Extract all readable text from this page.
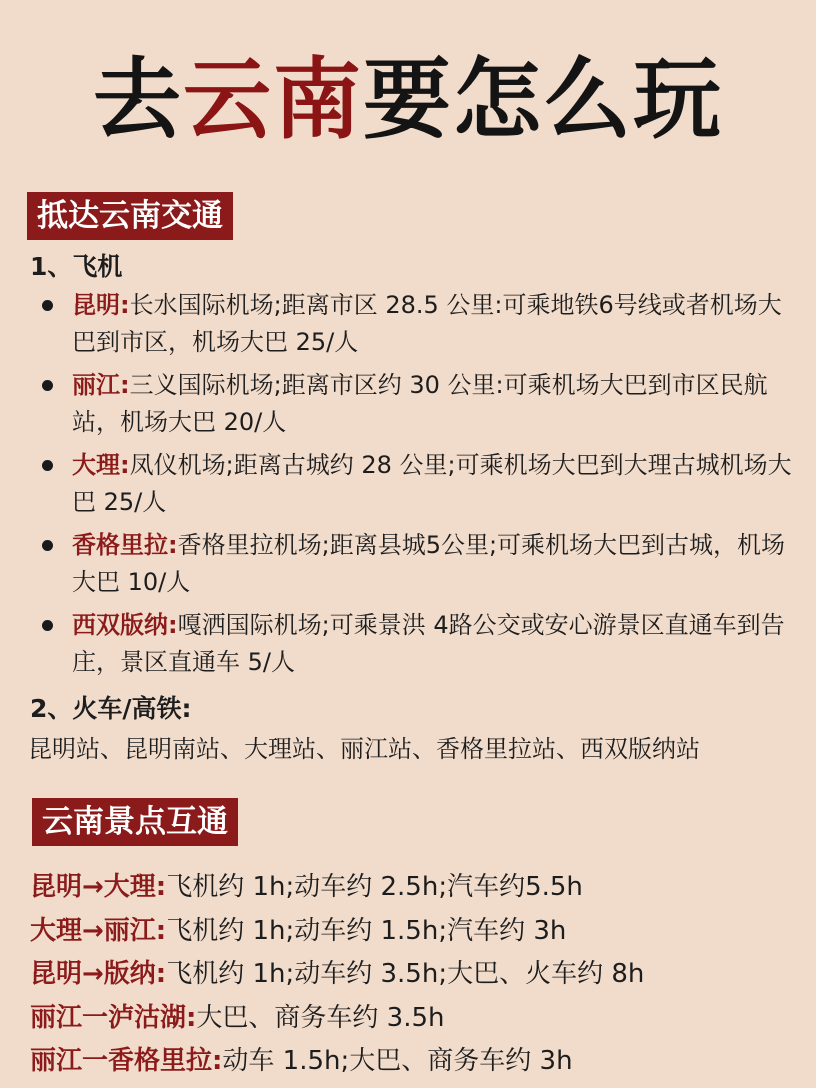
去云南要怎么玩
抵达云南交通
1、飞机
昆明:长水国际机场;距离市区 28.5 公里:可乘地铁6号线或者机场大巴到市区，机场大巴 25/人
丽江:三义国际机场;距离市区约 30 公里:可乘机场大巴到市区民航站，机场大巴 20/人
大理:凤仪机场;距离古城约 28 公里;可乘机场大巴到大理古城机场大巴 25/人
香格里拉:香格里拉机场;距离县城5公里;可乘机场大巴到古城，机场大巴 10/人
西双版纳:嘎洒国际机场;可乘景洪 4路公交或安心游景区直通车到告庄，景区直通车 5/人
2、火车/高铁:
昆明站、昆明南站、大理站、丽江站、香格里拉站、西双版纳站
云南景点互通
昆明→大理:飞机约 1h;动车约 2.5h;汽车约5.5h
大理→丽江:飞机约 1h;动车约 1.5h;汽车约 3h
昆明→版纳:飞机约 1h;动车约 3.5h;大巴、火车约 8h
丽江一泸沽湖:大巴、商务车约 3.5h
丽江一香格里拉:动车 1.5h;大巴、商务车约 3h
